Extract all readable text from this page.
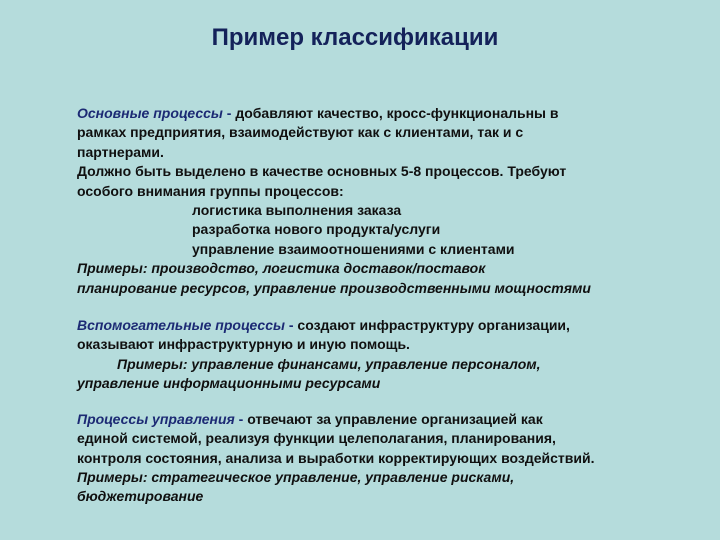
Пример классификации
Основные процессы - добавляют качество, кросс-функциональны в
рамках предприятия, взаимодействуют как с клиентами, так и с
партнерами.
Должно быть выделено в качестве основных 5-8 процессов. Требуют
особого внимания группы процессов:
логистика выполнения заказа
разработка нового продукта/услуги
управление взаимоотношениями с клиентами
Примеры: производство, логистика доставок/поставок
планирование ресурсов, управление производственными мощностями
Вспомогательные процессы - создают инфраструктуру организации,
оказывают инфраструктурную и иную помощь.
Примеры: управление финансами, управление персоналом,
управление информационными ресурсами
Процессы управления - отвечают за управление организацией как
единой системой, реализуя функции целеполагания, планирования,
контроля состояния, анализа и выработки корректирующих воздействий.
Примеры: стратегическое управление, управление рисками,
бюджетирование
